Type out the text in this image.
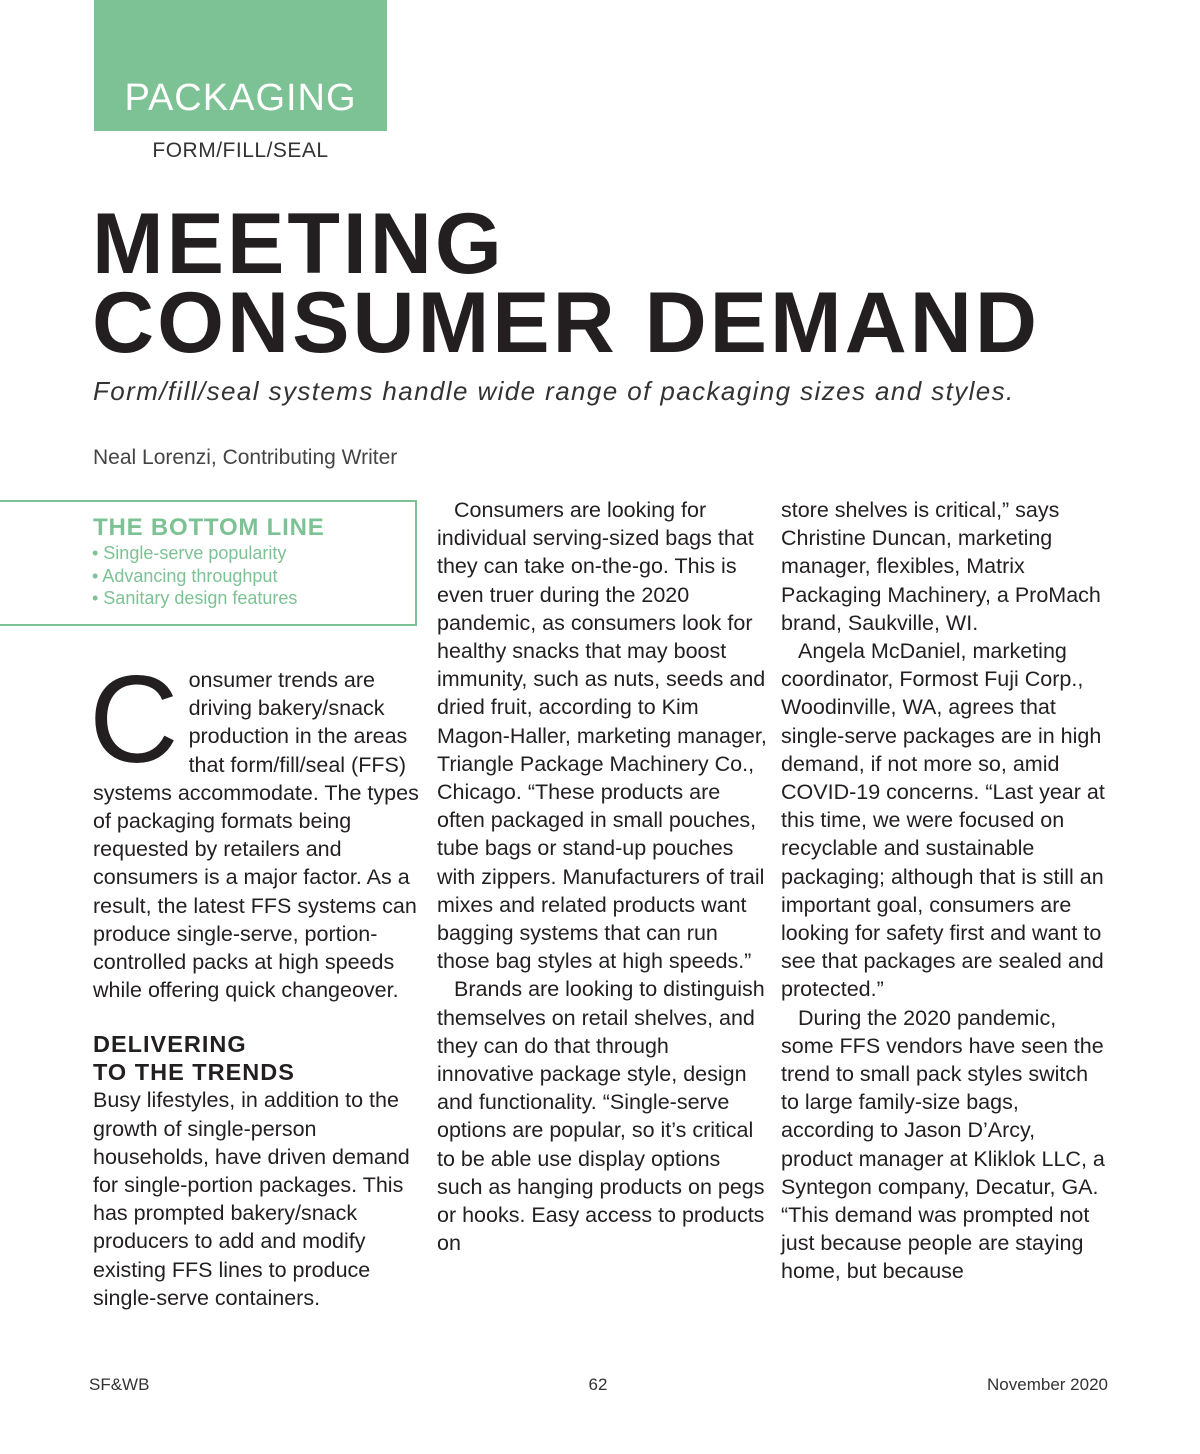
PACKAGING
FORM/FILL/SEAL
MEETING
CONSUMER DEMAND
Form/fill/seal systems handle wide range of packaging sizes and styles.
Neal Lorenzi, Contributing Writer
THE BOTTOM LINE
• Single-serve popularity
• Advancing throughput
• Sanitary design features

Consumer trends are driving bakery/snack production in the areas that form/fill/seal (FFS) systems accommodate. The types of packaging formats being requested by retailers and consumers is a major factor. As a result, the latest FFS systems can produce single-serve, portion-controlled packs at high speeds while offering quick changeover.

DELIVERING
TO THE TRENDS

Busy lifestyles, in addition to the growth of single-person households, have driven demand for single-portion packages. This has prompted bakery/snack producers to add and modify existing FFS lines to produce single-serve containers.

Consumers are looking for individual serving-sized bags that they can take on-the-go. This is even truer during the 2020 pandemic, as consumers look for healthy snacks that may boost immunity, such as nuts, seeds and dried fruit, according to Kim Magon-Haller, marketing manager, Triangle Package Machinery Co., Chicago. “These products are often packaged in small pouches, tube bags or stand-up pouches with zippers. Manufacturers of trail mixes and related products want bagging systems that can run those bag styles at high speeds.”

Brands are looking to distinguish themselves on retail shelves, and they can do that through innovative package style, design and functionality. “Single-serve options are popular, so it’s critical to be able use display options such as hanging products on pegs or hooks. Easy access to products on

store shelves is critical,” says Christine Duncan, marketing manager, flexibles, Matrix Packaging Machinery, a ProMach brand, Saukville, WI.

Angela McDaniel, marketing coordinator, Formost Fuji Corp., Woodinville, WA, agrees that single-serve packages are in high demand, if not more so, amid COVID-19 concerns. “Last year at this time, we were focused on recyclable and sustainable packaging; although that is still an important goal, consumers are looking for safety first and want to see that packages are sealed and protected.”

During the 2020 pandemic, some FFS vendors have seen the trend to small pack styles switch to large family-size bags, according to Jason D’Arcy, product manager at Kliklok LLC, a Syntegon company, Decatur, GA. “This demand was prompted not just because people are staying home, but because

SF&WB	62	November 2020
